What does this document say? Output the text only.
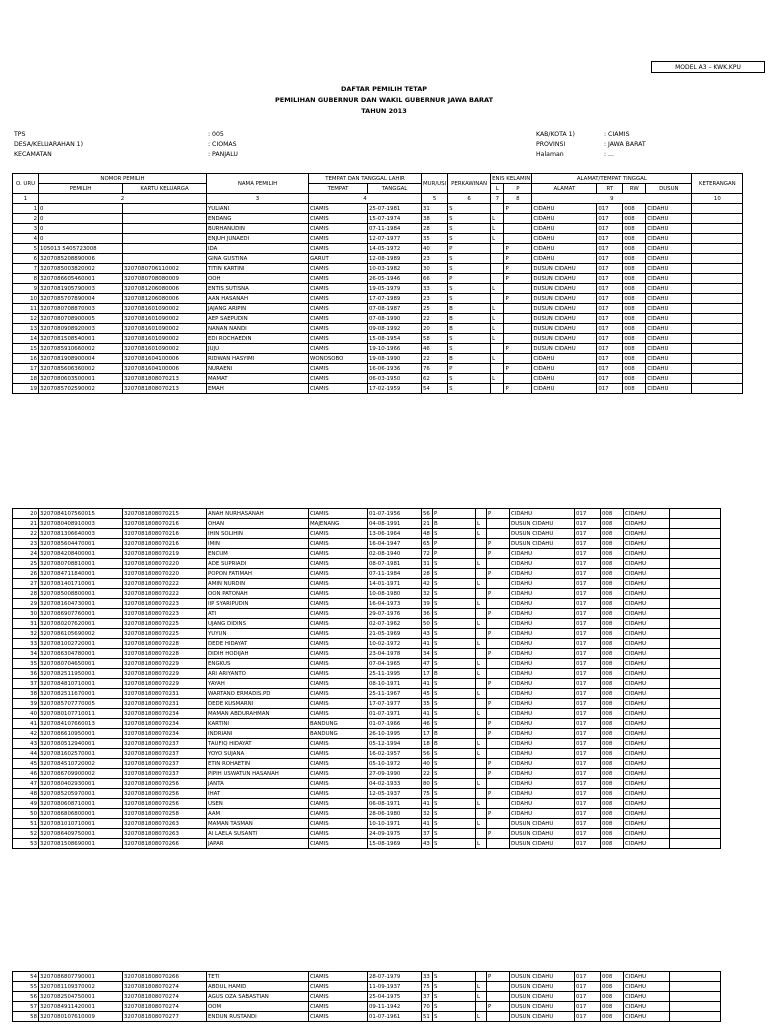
MODEL A3 – KWK.KPU
DAFTAR PEMILIH TETAP
PEMILIHAN GUBERNUR DAN WAKIL GUBERNUR JAWA BARAT
TAHUN 2013
TPS	: 005
DESA/KELUARAHAN 1)	: CIOMAS
KECAMATAN	: PANJALU
KAB/KOTA 1)	: CIAMIS
PROVINSI	: JAWA BARAT
Halaman	: ...
O. URU	NOMOR PEMILIH		NAMA PEMILIH	TEMPAT DAN TANGGAL LAHIR		MUR/USI	PERKAWINAN	ENIS KELAMIN		ALAMAT/TEMPAT TINGGAL				KETERANGAN
	PEMILIH	KARTU KELUARGA		TEMPAT	TANGGAL			L	P	ALAMAT	RT	RW	DUSUN	
1	2		3	4		5	6	7	8	9				10
1	0		YULIANI	CIAMIS	25-07-1981	31	S		P	CIDAHU	017	008	CIDAHU	
2	0		ENDANG	CIAMIS	15-07-1974	38	S	L		CIDAHU	017	008	CIDAHU	
3	0		BURHANUDIN	CIAMIS	07-11-1984	28	S	L		CIDAHU	017	008	CIDAHU	
4	0		ENJUH JUNAEDI	CIAMIS	12-07-1977	35	S	L		CIDAHU	017	008	CIDAHU	
5	105013 5405723008		IDA	CIAMIS	14-05-1972	40	P		P	CIDAHU	017	008	CIDAHU	
6	3207085208890006		GINA GUSTINA	GARUT	12-08-1989	23	S		P	CIDAHU	017	008	CIDAHU	
7	3207085003820002	3207080706110002	TITIN KARTINI	CIAMIS	10-03-1982	30	S		P	DUSUN CIDAHU	017	008	CIDAHU	
8	3207086605460001	3207080708080009	OOH	CIAMIS	26-05-1946	66	P		P	DUSUN CIDAHU	017	008	CIDAHU	
9	3207081905790003	3207081206080006	ENTIS SUTISNA	CIAMIS	19-05-1979	33	S	L		DUSUN CIDAHU	017	008	CIDAHU	
10	3207085707890004	3207081206080006	AAN HASANAH	CIAMIS	17-07-1989	23	S		P	DUSUN CIDAHU	017	008	CIDAHU	
11	3207080708870003	3207081601090002	JAJANG ARIPIN	CIAMIS	07-08-1987	25	B	L		DUSUN CIDAHU	017	008	CIDAHU	
12	3207080708900005	3207081601090002	AEP SAEPUDIN	CIAMIS	07-08-1990	22	B	L		DUSUN CIDAHU	017	008	CIDAHU	
13	3207080908920003	3207081601090002	NANAN NANDI	CIAMIS	09-08-1992	20	B	L		DUSUN CIDAHU	017	008	CIDAHU	
14	3207081508540001	3207081601090002	EDI ROCHAEDIN	CIAMIS	15-08-1954	58	S	L		DUSUN CIDAHU	017	008	CIDAHU	
15	3207085910660002	3207081601090002	JUJU	CIAMIS	19-10-1966	46	S		P	DUSUN CIDAHU	017	008	CIDAHU	
16	3207081908900004	3207081604100006	RIDWAN HASYIMI	WONOSOBO	19-08-1990	22	B	L		CIDAHU	017	008	CIDAHU	
17	3207085606360002	3207081604100006	NURAENI	CIAMIS	16-06-1936	76	P		P	CIDAHU	017	008	CIDAHU	
18	3207080603500001	3207081808070213	MAMAT	CIAMIS	06-03-1950	62	S	L		CIDAHU	017	008	CIDAHU	
19	3207085702590002	3207081808070213	EMAH	CIAMIS	17-02-1959	54	S		P	CIDAHU	017	008	CIDAHU	
20	3207084107560015	3207081808070215	ANAH NURHASANAH	CIAMIS	01-07-1956	56	P		P	CIDAHU	017	008	CIDAHU	
21	3207080408910003	3207081808070216	OHAN	MAJENANG	04-08-1991	21	B	L		DUSUN CIDAHU	017	008	CIDAHU	
22	3207081306640003	3207081808070216	IHIN SOLIHIN	CIAMIS	13-06-1964	48	S	L		DUSUN CIDAHU	017	008	CIDAHU	
23	3207085604470001	3207081808070216	IMIN	CIAMIS	16-04-1947	65	P		P	DUSUN CIDAHU	017	008	CIDAHU	
24	3207084208400001	3207081808070219	ENCUM	CIAMIS	02-08-1940	72	P		P	CIDAHU	017	008	CIDAHU	
25	3207080708810001	3207081808070220	ADE SUPRIADI	CIAMIS	08-07-1981	31	S	L		CIDAHU	017	008	CIDAHU	
26	3207084711840001	3207081808070220	POPON FATIMAH	CIAMIS	07-11-1984	28	S		P	CIDAHU	017	008	CIDAHU	
27	3207081401710001	3207081808070222	AMIN NURDIN	CIAMIS	14-01-1971	42	S	L		CIDAHU	017	008	CIDAHU	
28	3207085008800001	3207081808070222	OON PATONAH	CIAMIS	10-08-1980	32	S		P	CIDAHU	017	008	CIDAHU	
29	3207081604730001	3207081808070223	IIP SYARIPUDIN	CIAMIS	16-04-1973	39	S	L		CIDAHU	017	008	CIDAHU	
30	3207086907760001	3207081808070223	ATI	CIAMIS	29-07-1976	36	S		P	CIDAHU	017	008	CIDAHU	
31	3207080207620001	3207081808070225	UJANG DIDINS	CIAMIS	02-07-1962	50	S	L		CIDAHU	017	008	CIDAHU	
32	3207086105690002	3207081808070225	YUYUN	CIAMIS	21-05-1969	43	S		P	CIDAHU	017	008	CIDAHU	
33	3207081002720001	3207081808070228	DEDE HIDAYAT	CIAMIS	10-02-1972	41	S	L		CIDAHU	017	008	CIDAHU	
34	3207086304780001	3207081808070228	DIDIH HODIJAH	CIAMIS	23-04-1978	34	S		P	CIDAHU	017	008	CIDAHU	
35	3207080704650001	3207081808070229	ENGKUS	CIAMIS	07-04-1965	47	S	L		CIDAHU	017	008	CIDAHU	
36	3207082511950001	3207081808070229	ARI ARIYANTO	CIAMIS	25-11-1995	17	B	L		CIDAHU	017	008	CIDAHU	
37	3207084810710001	3207081808070229	YAYAH	CIAMIS	08-10-1971	41	S		P	CIDAHU	017	008	CIDAHU	
38	3207082511670001	3207081808070231	WARTANO ERMADIS.PD	CIAMIS	25-11-1967	45	S	L		CIDAHU	017	008	CIDAHU	
39	3207085707770005	3207081808070231	DEDE KUSMARNI	CIAMIS	17-07-1977	35	S		P	CIDAHU	017	008	CIDAHU	
40	3207080107710011	3207081808070234	MAMAN ABDURAHMAN	CIAMIS	01-07-1971	41	S	L		CIDAHU	017	008	CIDAHU	
41	3207084107660013	3207081808070234	KARTINI	BANDUNG	01-07-1966	46	S		P	CIDAHU	017	008	CIDAHU	
42	3207086610950001	3207081808070234	INDRIANI	BANDUNG	26-10-1995	17	B		P	CIDAHU	017	008	CIDAHU	
43	3207080512940001	3207081808070237	TAUFIQ HIDAYAT	CIAMIS	05-12-1994	18	B	L		CIDAHU	017	008	CIDAHU	
44	3207081602570001	3207081808070237	YOYO SUJANA	CIAMIS	16-02-1957	56	S	L		CIDAHU	017	008	CIDAHU	
45	3207084510720002	3207081808070237	ETIN ROHAETIN	CIAMIS	05-10-1972	40	S		P	CIDAHU	017	008	CIDAHU	
46	3207086709900002	3207081808070237	PIPIH USWATUN HASANAH	CIAMIS	27-09-1990	22	S		P	CIDAHU	017	008	CIDAHU	
47	3207080402930001	3207081808070256	JANTA	CIAMIS	04-02-1933	80	S	L		CIDAHU	017	008	CIDAHU	
48	3207085205970001	3207081808070256	IHAT	CIAMIS	12-05-1937	75	S		P	CIDAHU	017	008	CIDAHU	
49	3207080608710001	3207081808070256	USEN	CIAMIS	06-08-1971	41	S	L		CIDAHU	017	008	CIDAHU	
50	3207086806800001	3207081808070258	AAM	CIAMIS	28-06-1980	32	S		P	CIDAHU	017	008	CIDAHU	
51	3207081010710001	3207081808070263	MAMAN TASMAN	CIAMIS	10-10-1971	41	S	L		DUSUN CIDAHU	017	008	CIDAHU	
52	3207086409750001	3207081808070263	AI LAELA SUSANTI	CIAMIS	24-09-1975	37	S		P	DUSUN CIDAHU	017	008	CIDAHU	
53	3207081508690001	3207081808070266	JAPAR	CIAMIS	15-08-1969	43	S	L		DUSUN CIDAHU	017	008	CIDAHU	
54	3207086807790001	3207081808070266	TETI	CIAMIS	28-07-1979	33	S		P	DUSUN CIDAHU	017	008	CIDAHU	
55	3207081109370002	3207081808070274	ABDUL HAMID	CIAMIS	11-09-1937	75	S	L		DUSUN CIDAHU	017	008	CIDAHU	
56	3207082504750001	3207081808070274	AGUS OZA SABASTIAN	CIAMIS	25-04-1975	37	S	L		DUSUN CIDAHU	017	008	CIDAHU	
57	3207084911420001	3207081808070274	OOM	CIAMIS	09-11-1942	70	S		P	DUSUN CIDAHU	017	008	CIDAHU	
58	3207080107610009	3207081808070277	ENDUN RUSTANDI	CIAMIS	01-07-1961	51	S	L		DUSUN CIDAHU	017	008	CIDAHU	
